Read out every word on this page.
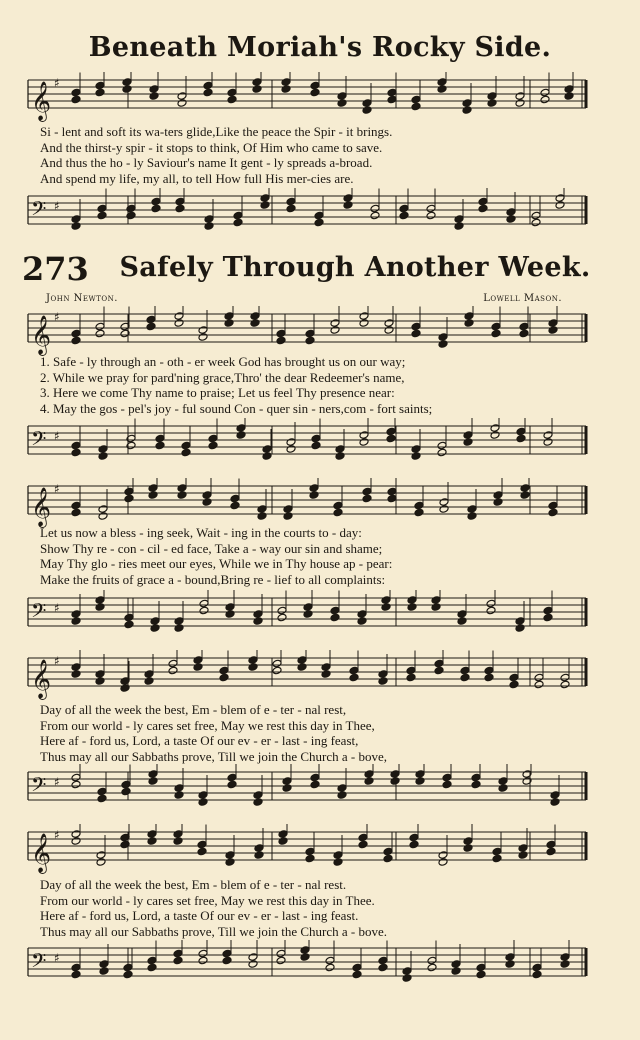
Beneath Moriah's Rocky Side.
𝄞 ♯
Si - lent and soft its wa-ters glide,Like the peace the Spir - it brings.
And the thirst-y spir - it stops to think, Of Him who came to save.
And thus the ho - ly Saviour's name It gent - ly spreads a-broad.
And spend my life, my all, to tell How full His mer-cies are.
𝄢 ♯
273	Safely Through Another Week.
John Newton.	Lowell Mason.
𝄞 ♯
1. Safe - ly through an - oth - er week God has brought us on our way;
2. While we pray for pard'ning grace,Thro' the dear Redeemer's name,
3. Here we come Thy name to praise; Let us feel Thy presence near:
4. May the gos - pel's joy - ful sound Con - quer sin - ners,com - fort saints;
𝄢 ♯
𝄞 ♯
Let us now a bless - ing seek, Wait - ing in the courts to - day:
Show Thy re - con - cil - ed face, Take a - way our sin and shame;
May Thy glo - ries meet our eyes, While we in Thy house ap - pear:
Make the fruits of grace a - bound,Bring re - lief to all complaints:
𝄢 ♯
𝄞 ♯
Day of all the week the best, Em - blem of e - ter - nal rest,
From our world - ly cares set free, May we rest this day in Thee,
Here af - ford us, Lord, a taste Of our ev - er - last - ing feast,
Thus may all our Sabbaths prove, Till we join the Church a - bove,
𝄢 ♯
𝄞 ♯
Day of all the week the best, Em - blem of e - ter - nal rest.
From our world - ly cares set free, May we rest this day in Thee.
Here af - ford us, Lord, a taste Of our ev - er - last - ing feast.
Thus may all our Sabbaths prove, Till we join the Church a - bove.
𝄢 ♯
